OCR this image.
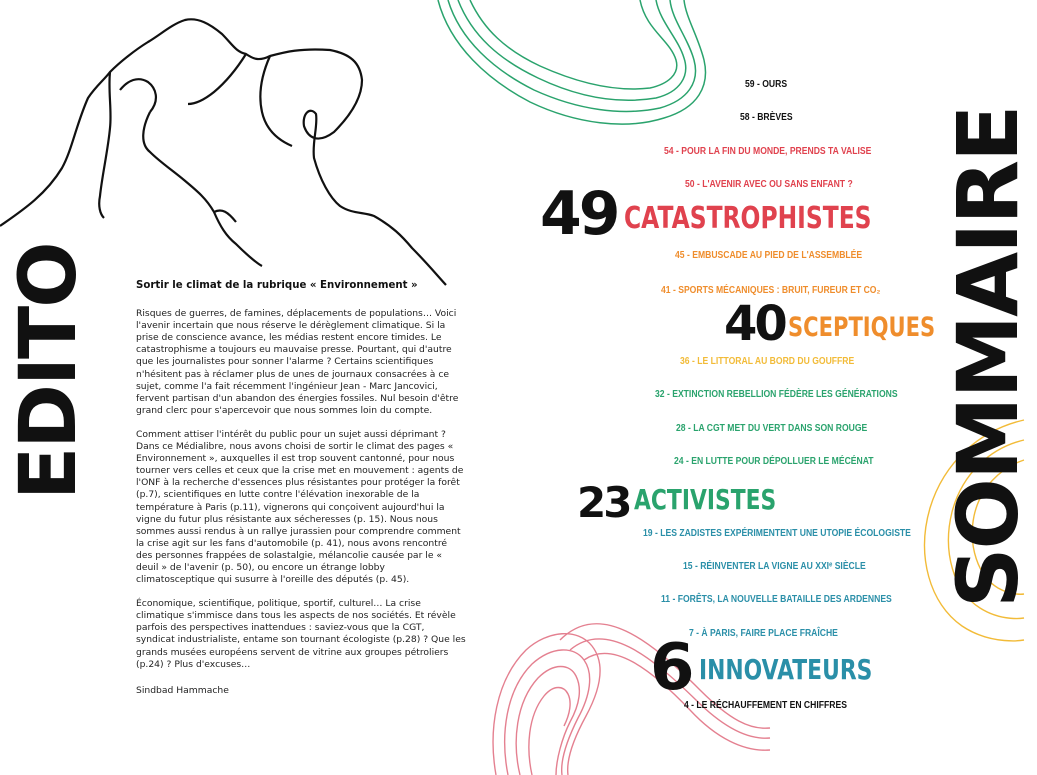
EDITO	Sortir le climat de la rubrique « Environnement »

Risques de guerres, de famines, déplacements de populations… Voici l'avenir incertain que nous réserve le dérèglement climatique. Si la prise de conscience avance, les médias restent encore timides. Le catastrophisme a toujours eu mauvaise presse. Pourtant, qui d'autre que les journalistes pour sonner l'alarme ? Certains scientifiques n'hésitent pas à réclamer plus de unes de journaux consacrées à ce sujet, comme l'a fait récemment l'ingénieur Jean - Marc Jancovici, fervent partisan d'un abandon des énergies fossiles. Nul besoin d'être grand clerc pour s'apercevoir que nous sommes loin du compte.

Comment attiser l'intérêt du public pour un sujet aussi déprimant ? Dans ce Médialibre, nous avons choisi de sortir le climat des pages « Environnement », auxquelles il est trop souvent cantonné, pour nous tourner vers celles et ceux que la crise met en mouvement : agents de l'ONF à la recherche d'essences plus résistantes pour protéger la forêt (p.7), scientifiques en lutte contre l'élévation inexorable de la température à Paris (p.11), vignerons qui conçoivent aujourd'hui la vigne du futur plus résistante aux sécheresses (p. 15). Nous nous sommes aussi rendus à un rallye jurassien pour comprendre comment la crise agit sur les fans d'automobile (p. 41), nous avons rencontré des personnes frappées de solastalgie, mélancolie causée par le « deuil » de l'avenir (p. 50), ou encore un étrange lobby climatosceptique qui susurre à l'oreille des députés (p. 45).

Économique, scientifique, politique, sportif, culturel… La crise climatique s'immisce dans tous les aspects de nos sociétés. Et révèle parfois des perspectives inattendues : saviez-vous que la CGT, syndicat industrialiste, entame son tournant écologiste (p.28) ? Que les grands musées européens servent de vitrine aux groupes pétroliers (p.24) ? Plus d'excuses…

Sindbad Hammache
SOMMAIRE
59 - OURS
58 - BRÈVES
54 - POUR LA FIN DU MONDE, PRENDS TA VALISE
50 - L'AVENIR AVEC OU SANS ENFANT ?
49 CATASTROPHISTES
45 - EMBUSCADE AU PIED DE L'ASSEMBLÉE
41 - SPORTS MÉCANIQUES : BRUIT, FUREUR ET CO₂
40 SCEPTIQUES
36 - LE LITTORAL AU BORD DU GOUFFRE
32 - EXTINCTION REBELLION FÉDÈRE LES GÉNÉRATIONS
28 - LA CGT MET DU VERT DANS SON ROUGE
24 - EN LUTTE POUR DÉPOLLUER LE MÉCÉNAT
23 ACTIVISTES
19 - LES ZADISTES EXPÉRIMENTENT UNE UTOPIE ÉCOLOGISTE
15 - RÉINVENTER LA VIGNE AU XXIᵉ SIÈCLE
11 - FORÊTS, LA NOUVELLE BATAILLE DES ARDENNES
7 - À PARIS, FAIRE PLACE FRAÎCHE
6 INNOVATEURS
4 - LE RÉCHAUFFEMENT EN CHIFFRES
